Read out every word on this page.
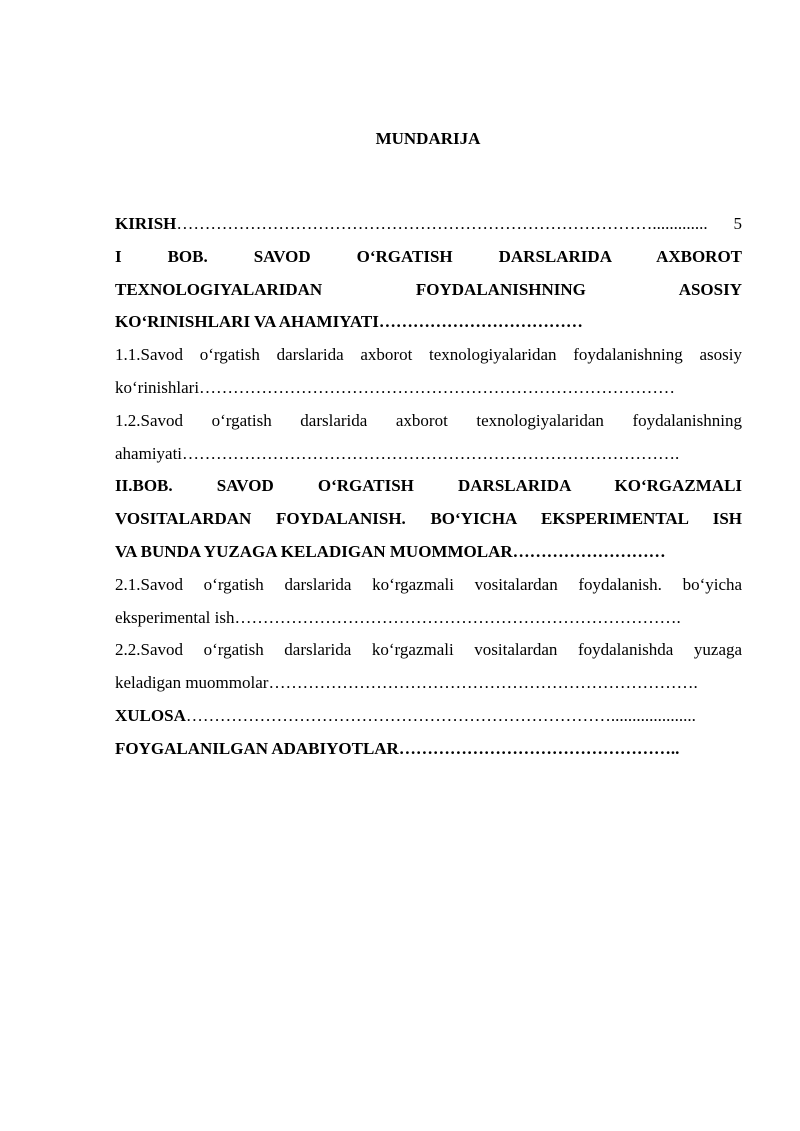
MUNDARIJA
KIRISH ………………………………………………………………………….............	5
I	BOB.	SAVOD	O‘RGATISH	DARSLARIDA	AXBOROT
TEXNOLOGIYALARIDAN	FOYDALANISHNING	ASOSIY
KO‘RINISHLARI VA AHAMIYATI………………………………
1.1.Savod o‘rgatish darslarida axborot texnologiyalaridan foydalanishning asosiy
ko‘rinishlari…………………………………………………………………………
1.2.Savod o‘rgatish darslarida axborot texnologiyalaridan foydalanishning
ahamiyati…………………………………………………………………………….
II.BOB.	SAVOD	O‘RGATISH	DARSLARIDA	KO‘RGAZMALI
VOSITALARDAN FOYDALANISH. BO‘YICHA EKSPERIMENTAL ISH
VA BUNDA YUZAGA KELADIGAN MUOMMOLAR………………………
2.1.Savod o‘rgatish darslarida ko‘rgazmali vositalardan foydalanish. bo‘yicha
eksperimental ish…………………………………………………………………….
2.2.Savod o‘rgatish darslarida ko‘rgazmali vositalardan foydalanishda yuzaga
keladigan muommolar………………………………………………………………….
XULOSA…………………………………………………………………....................
FOYGALANILGAN ADABIYOTLAR…………………………………………..
